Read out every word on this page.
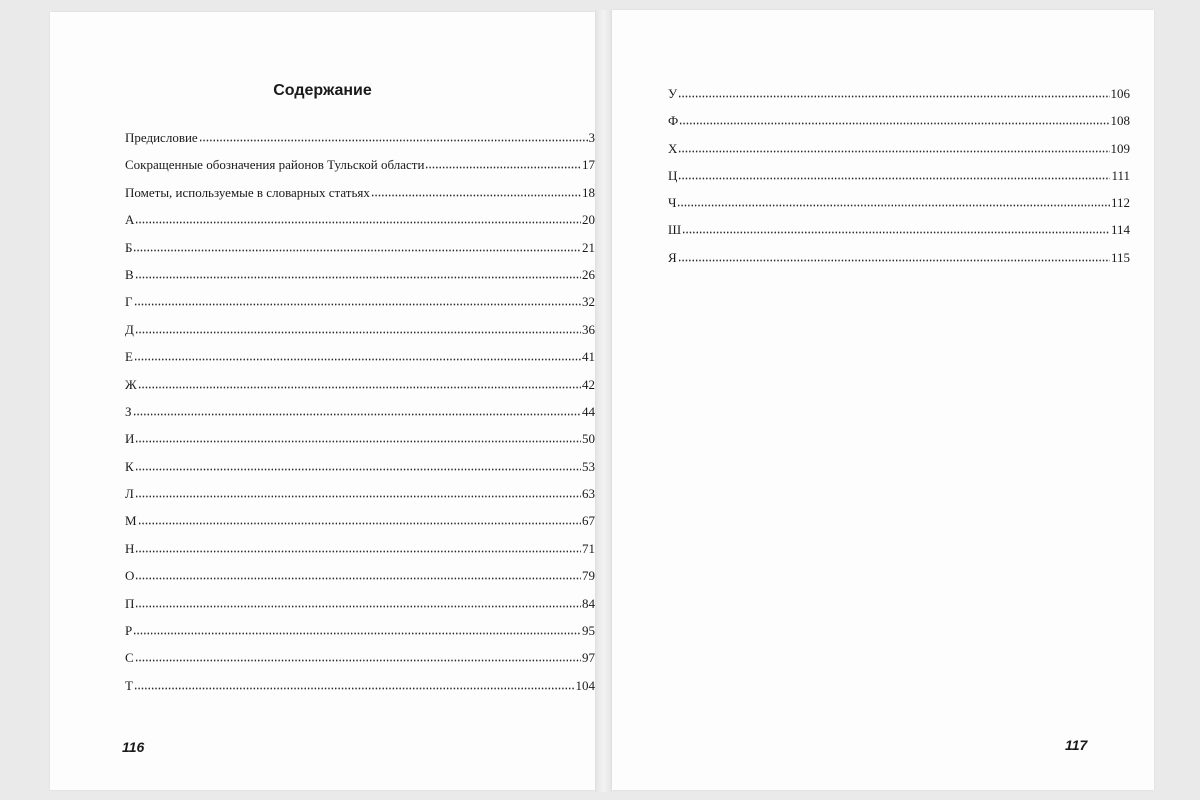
Содержание
Предисловие	3
Сокращенные обозначения районов Тульской области	17
Пометы, используемые в словарных статьях	18
А	20
Б	21
В	26
Г	32
Д	36
Е	41
Ж	42
З	44
И	50
К	53
Л	63
М	67
Н	71
О	79
П	84
Р	95
С	97
Т	104
116
У	106
Ф	108
Х	109
Ц	111
Ч	112
Ш	114
Я	115
117
